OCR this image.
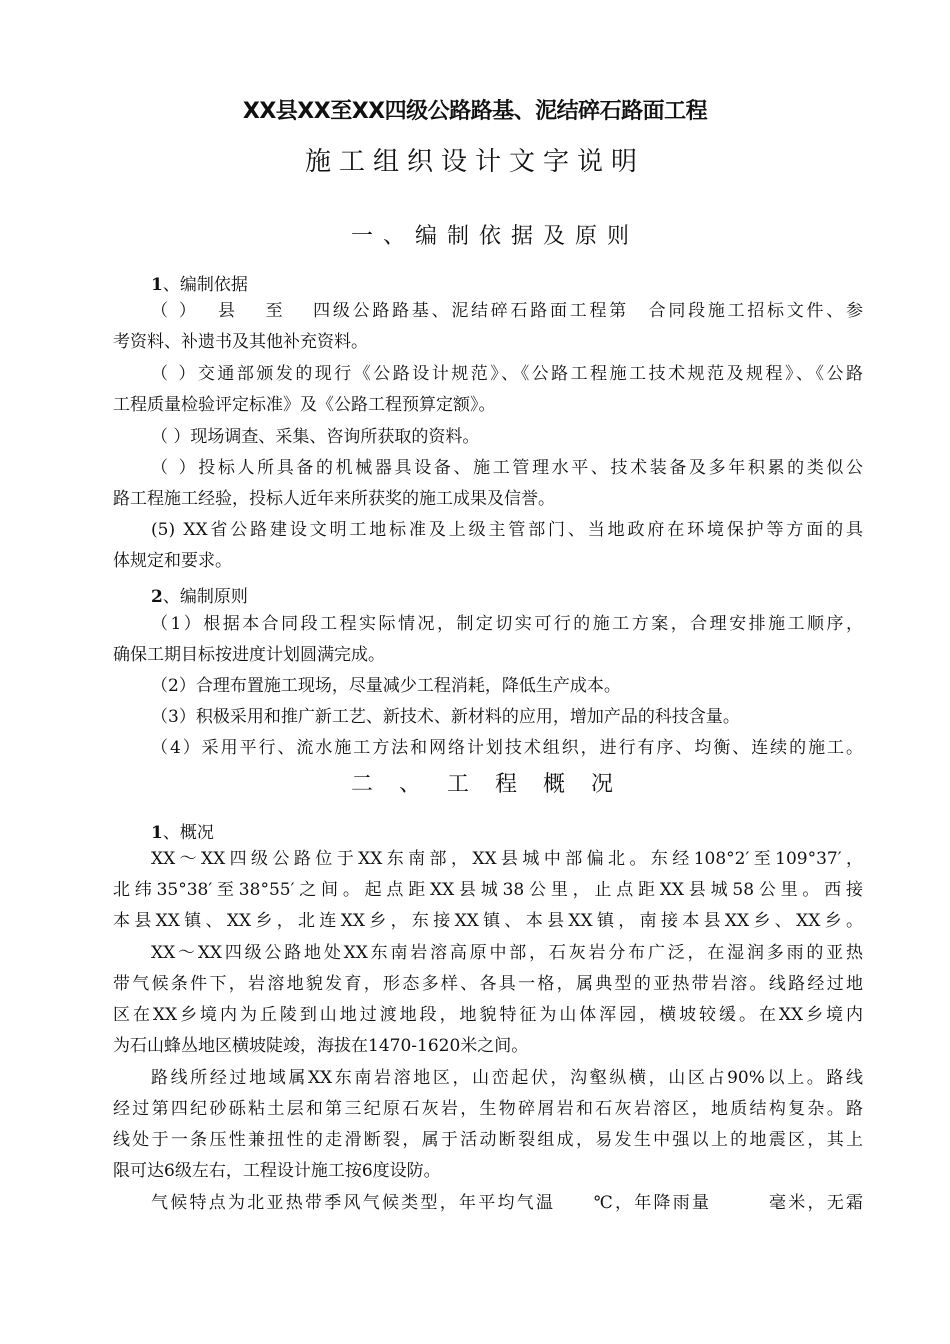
XX县XX至XX四级公路路基、泥结碎石路面工程
施工组织设计文字说明
一、编制依据及原则
1、编制依据
（ ）　 县　 至　 四级公路路基、泥结碎石路面工程第　合同段施工招标文件、参
考资料、补遗书及其他补充资料。
（ ）交通部颁发的现行《公路设计规范》、《公路工程施工技术规范及规程》、《公路
工程质量检验评定标准》及《公路工程预算定额》。
（ ）现场调查、采集、咨询所获取的资料。
（ ）投标人所具备的机械器具设备、施工管理水平、技术装备及多年积累的类似公
路工程施工经验，投标人近年来所获奖的施工成果及信誉。
(5) XX省公路建设文明工地标准及上级主管部门、当地政府在环境保护等方面的具
体规定和要求。
2、编制原则
（1）根据本合同段工程实际情况，制定切实可行的施工方案，合理安排施工顺序，
确保工期目标按进度计划圆满完成。
（2）合理布置施工现场，尽量减少工程消耗，降低生产成本。
（3）积极采用和推广新工艺、新技术、新材料的应用，增加产品的科技含量。
（4）采用平行、流水施工方法和网络计划技术组织，进行有序、均衡、连续的施工。
二、工程概况
1、概况
XX～XX四级公路位于XX东南部，XX县城中部偏北。东经108°2′至109°37′，
北纬35°38′至38°55′之间。起点距XX县城38公里，止点距XX县城58公里。西接
本县XX镇、XX乡，北连XX乡，东接XX镇、本县XX镇，南接本县XX乡、XX乡。
XX～XX四级公路地处XX东南岩溶高原中部，石灰岩分布广泛，在湿润多雨的亚热
带气候条件下，岩溶地貌发育，形态多样、各具一格，属典型的亚热带岩溶。线路经过地
区在XX乡境内为丘陵到山地过渡地段，地貌特征为山体浑园，横坡较缓。在XX乡境内
为石山蜂丛地区横坡陡竣，海拔在1470-1620米之间。
路线所经过地域属XX东南岩溶地区，山峦起伏，沟壑纵横，山区占90%以上。路线
经过第四纪砂砾粘土层和第三纪原石灰岩，生物碎屑岩和石灰岩溶区，地质结构复杂。路
线处于一条压性兼扭性的走滑断裂，属于活动断裂组成，易发生中强以上的地震区，其上
限可达6级左右，工程设计施工按6度设防。
气候特点为北亚热带季风气候类型，年平均气温　　℃，年降雨量　　　毫米，无霜
